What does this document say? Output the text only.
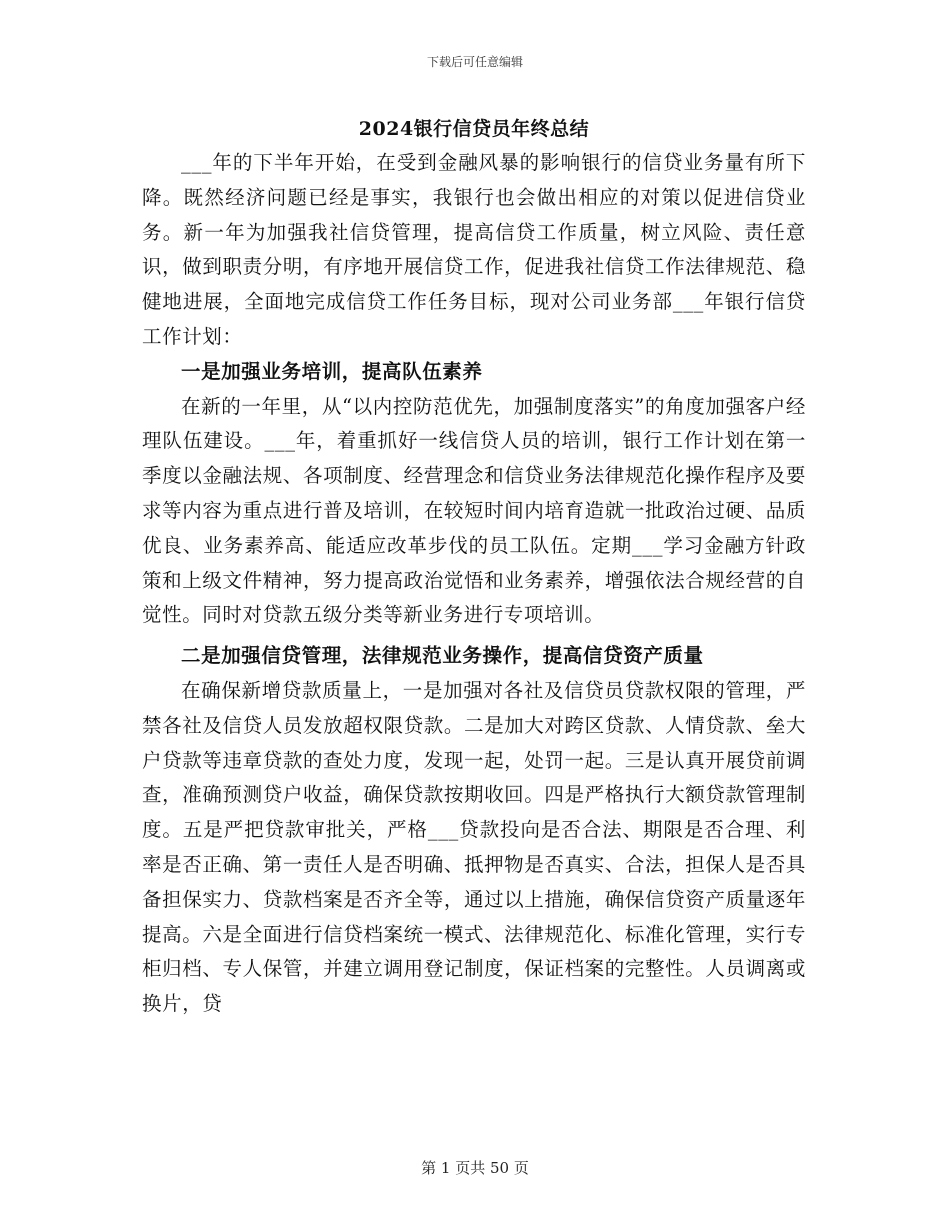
下载后可任意编辑
2024银行信贷员年终总结

___年的下半年开始，在受到金融风暴的影响银行的信贷业务量有所下降。既然经济问题已经是事实，我银行也会做出相应的对策以促进信贷业务。新一年为加强我社信贷管理，提高信贷工作质量，树立风险、责任意识，做到职责分明，有序地开展信贷工作，促进我社信贷工作法律规范、稳健地进展，全面地完成信贷工作任务目标，现对公司业务部___年银行信贷工作计划：

一是加强业务培训，提高队伍素养

在新的一年里，从“以内控防范优先，加强制度落实”的角度加强客户经理队伍建设。___年，着重抓好一线信贷人员的培训，银行工作计划在第一季度以金融法规、各项制度、经营理念和信贷业务法律规范化操作程序及要求等内容为重点进行普及培训，在较短时间内培育造就一批政治过硬、品质优良、业务素养高、能适应改革步伐的员工队伍。定期___学习金融方针政策和上级文件精神，努力提高政治觉悟和业务素养，增强依法合规经营的自觉性。同时对贷款五级分类等新业务进行专项培训。

二是加强信贷管理，法律规范业务操作，提高信贷资产质量

在确保新增贷款质量上，一是加强对各社及信贷员贷款权限的管理，严禁各社及信贷人员发放超权限贷款。二是加大对跨区贷款、人情贷款、垒大户贷款等违章贷款的查处力度，发现一起，处罚一起。三是认真开展贷前调查，准确预测贷户收益，确保贷款按期收回。四是严格执行大额贷款管理制度。五是严把贷款审批关，严格___贷款投向是否合法、期限是否合理、利率是否正确、第一责任人是否明确、抵押物是否真实、合法，担保人是否具备担保实力、贷款档案是否齐全等，通过以上措施，确保信贷资产质量逐年提高。六是全面进行信贷档案统一模式、法律规范化、标准化管理，实行专柜归档、专人保管，并建立调用登记制度，保证档案的完整性。人员调离或换片，贷

第 1 页共 50 页
